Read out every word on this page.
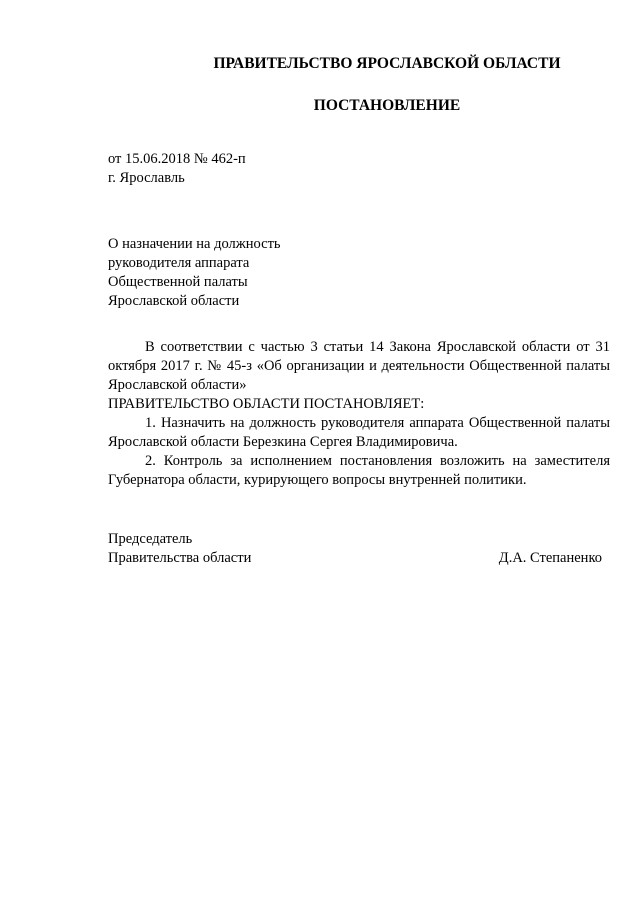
ПРАВИТЕЛЬСТВО ЯРОСЛАВСКОЙ ОБЛАСТИ
ПОСТАНОВЛЕНИЕ
от 15.06.2018 № 462-п
г. Ярославль
О назначении на должность
руководителя аппарата
Общественной палаты
Ярославской области

В соответствии с частью 3 статьи 14 Закона Ярославской области от 31 октября 2017 г. № 45-з «Об организации и деятельности Общественной палаты Ярославской области»

ПРАВИТЕЛЬСТВО ОБЛАСТИ ПОСТАНОВЛЯЕТ:

1. Назначить на должность руководителя аппарата Общественной палаты Ярославской области Березкина Сергея Владимировича.

2. Контроль за исполнением постановления возложить на заместителя Губернатора области, курирующего вопросы внутренней политики.

Председатель
Правительства области	Д.А. Степаненко
